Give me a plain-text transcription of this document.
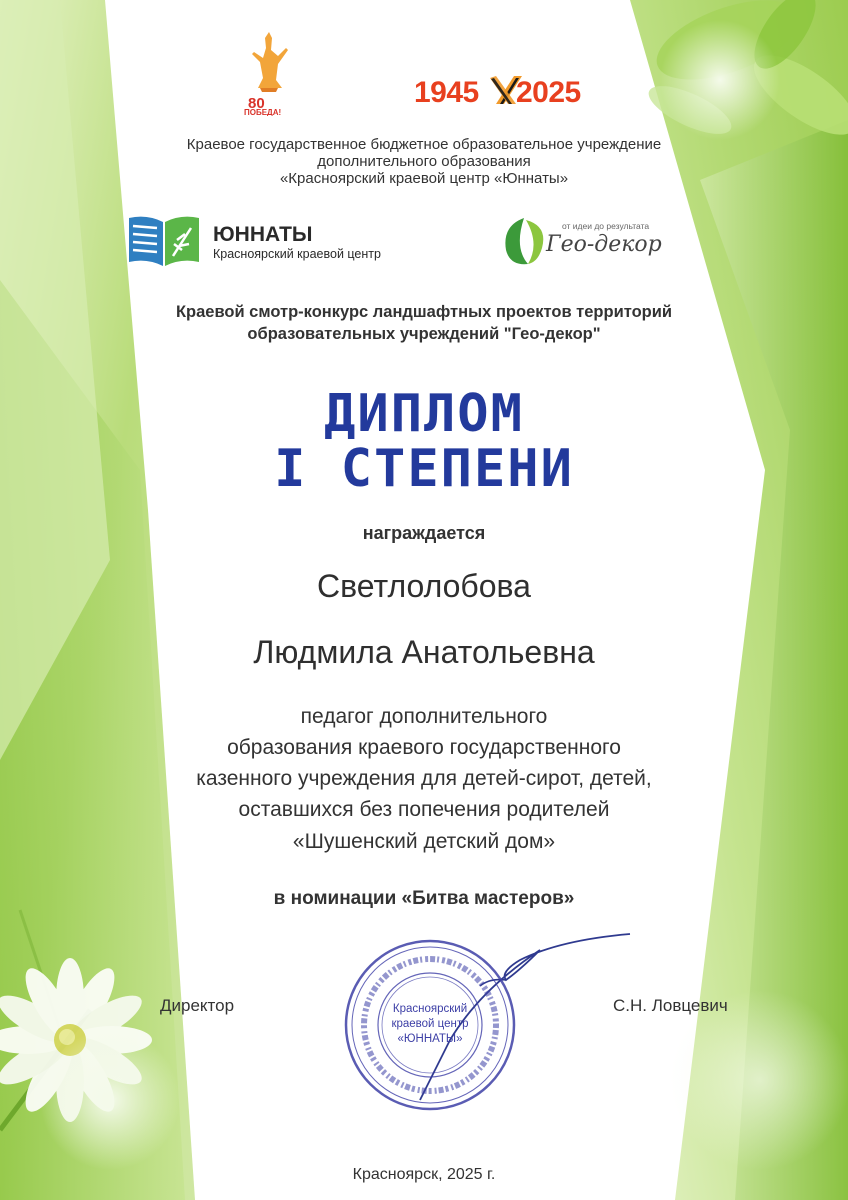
80
ПОБЕДА!
1945 2025
Краевое государственное бюджетное образовательное учреждение
дополнительного образования
«Красноярский краевой центр «Юннаты»
ЮННАТЫ
Красноярский краевой центр
от идеи до результата
Гео-декор
Краевой смотр-конкурс ландшафтных проектов территорий
образовательных учреждений "Гео-декор"
ДИПЛОМ
I СТЕПЕНИ
награждается
Светлолобова
Людмила Анатольевна
педагог дополнительного
образования краевого государственного
казенного учреждения для детей-сирот, детей,
оставшихся без попечения родителей
«Шушенский детский дом»
в номинации «Битва мастеров»
Красноярский
краевой центр
«ЮННАТЫ»
Директор	С.Н. Ловцевич
Красноярск, 2025 г.
